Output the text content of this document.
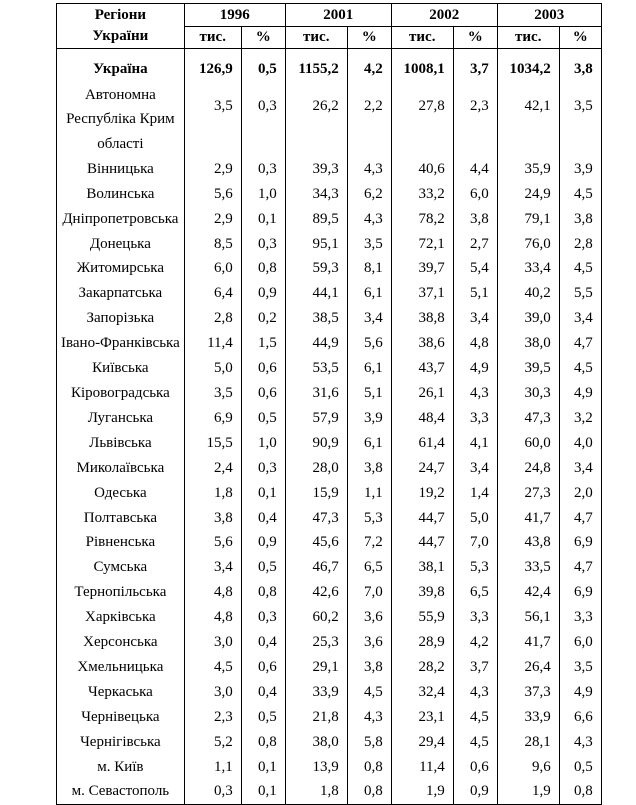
Регіони
України	1996		2001		2002		2003	
	тис.	%	тис.	%	тис.	%	тис.	%

Україна	126,9	0,5	1155,2	4,2	1008,1	3,7	1034,2	3,8
Автономна
Республіка Крим	3,5	0,3	26,2	2,2	27,8	2,3	42,1	3,5
області								
Вінницька	2,9	0,3	39,3	4,3	40,6	4,4	35,9	3,9
Волинська	5,6	1,0	34,3	6,2	33,2	6,0	24,9	4,5
Дніпропетровська	2,9	0,1	89,5	4,3	78,2	3,8	79,1	3,8
Донецька	8,5	0,3	95,1	3,5	72,1	2,7	76,0	2,8
Житомирська	6,0	0,8	59,3	8,1	39,7	5,4	33,4	4,5
Закарпатська	6,4	0,9	44,1	6,1	37,1	5,1	40,2	5,5
Запорізька	2,8	0,2	38,5	3,4	38,8	3,4	39,0	3,4
Івано-Франківська	11,4	1,5	44,9	5,6	38,6	4,8	38,0	4,7
Київська	5,0	0,6	53,5	6,1	43,7	4,9	39,5	4,5
Кіровоградська	3,5	0,6	31,6	5,1	26,1	4,3	30,3	4,9
Луганська	6,9	0,5	57,9	3,9	48,4	3,3	47,3	3,2
Львівська	15,5	1,0	90,9	6,1	61,4	4,1	60,0	4,0
Миколаївська	2,4	0,3	28,0	3,8	24,7	3,4	24,8	3,4
Одеська	1,8	0,1	15,9	1,1	19,2	1,4	27,3	2,0
Полтавська	3,8	0,4	47,3	5,3	44,7	5,0	41,7	4,7
Рівненська	5,6	0,9	45,6	7,2	44,7	7,0	43,8	6,9
Сумська	3,4	0,5	46,7	6,5	38,1	5,3	33,5	4,7
Тернопільська	4,8	0,8	42,6	7,0	39,8	6,5	42,4	6,9
Харківська	4,8	0,3	60,2	3,6	55,9	3,3	56,1	3,3
Херсонська	3,0	0,4	25,3	3,6	28,9	4,2	41,7	6,0
Хмельницька	4,5	0,6	29,1	3,8	28,2	3,7	26,4	3,5
Черкаська	3,0	0,4	33,9	4,5	32,4	4,3	37,3	4,9
Чернівецька	2,3	0,5	21,8	4,3	23,1	4,5	33,9	6,6
Чернігівська	5,2	0,8	38,0	5,8	29,4	4,5	28,1	4,3
м. Київ	1,1	0,1	13,9	0,8	11,4	0,6	9,6	0,5
м. Севастополь	0,3	0,1	1,8	0,8	1,9	0,9	1,9	0,8
